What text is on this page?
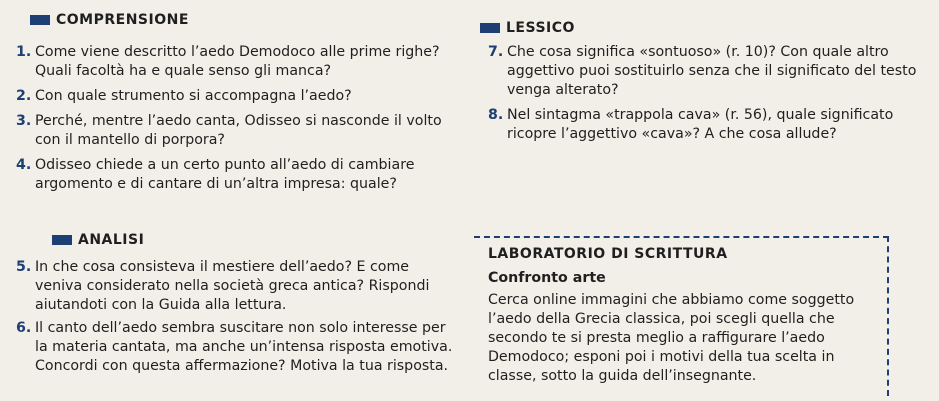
COMPRENSIONE
1. Come viene descritto l’aedo Demodoco alle prime righe? Quali facoltà ha e quale senso gli manca?
2. Con quale strumento si accompagna l’aedo?
3. Perché, mentre l’aedo canta, Odisseo si nasconde il volto con il mantello di porpora?
4. Odisseo chiede a un certo punto all’aedo di cambiare argomento e di cantare di un’altra impresa: quale?
ANALISI
5. In che cosa consisteva il mestiere dell’aedo? E come veniva considerato nella società greca antica? Rispondi aiutandoti con la Guida alla lettura.
6. Il canto dell’aedo sembra suscitare non solo interesse per la materia cantata, ma anche un’intensa risposta emotiva. Concordi con questa affermazione? Motiva la tua risposta.
LESSICO
7. Che cosa significa «sontuoso» (r. 10)? Con quale altro aggettivo puoi sostituirlo senza che il significato del testo venga alterato?
8. Nel sintagma «trappola cava» (r. 56), quale significato ricopre l’aggettivo «cava»? A che cosa allude?
LABORATORIO DI SCRITTURA
Confronto arte
Cerca online immagini che abbiamo come soggetto l’aedo della Grecia classica, poi scegli quella che secondo te si presta meglio a raffigurare l’aedo Demodoco; esponi poi i motivi della tua scelta in classe, sotto la guida dell’insegnante.
